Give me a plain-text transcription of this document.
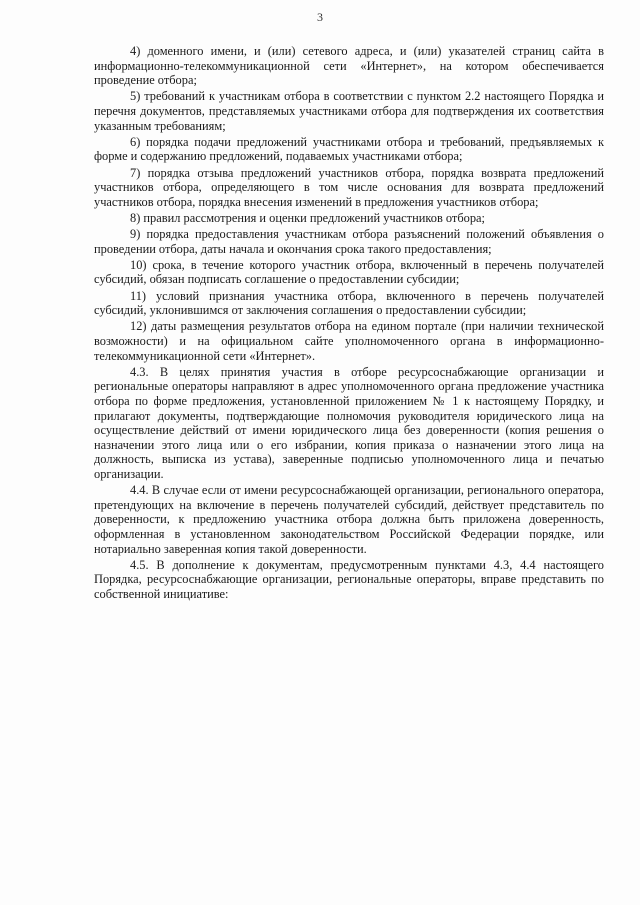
3

4) доменного имени, и (или) сетевого адреса, и (или) указателей страниц сайта в информационно-телекоммуникационной сети «Интернет», на котором обеспечивается проведение отбора;

5) требований к участникам отбора в соответствии с пунктом 2.2 настоящего Порядка и перечня документов, представляемых участниками отбора для подтверждения их соответствия указанным требованиям;

6) порядка подачи предложений участниками отбора и требований, предъявляемых к форме и содержанию предложений, подаваемых участниками отбора;

7) порядка отзыва предложений участников отбора, порядка возврата предложений участников отбора, определяющего в том числе основания для возврата предложений участников отбора, порядка внесения изменений в предложения участников отбора;

8) правил рассмотрения и оценки предложений участников отбора;

9) порядка предоставления участникам отбора разъяснений положений объявления о проведении отбора, даты начала и окончания срока такого предоставления;

10) срока, в течение которого участник отбора, включенный в перечень получателей субсидий, обязан подписать соглашение о предоставлении субсидии;

11) условий признания участника отбора, включенного в перечень получателей субсидий, уклонившимся от заключения соглашения о предоставлении субсидии;

12) даты размещения результатов отбора на едином портале (при наличии технической возможности) и на официальном сайте уполномоченного органа в информационно-телекоммуникационной сети «Интернет».

4.3. В целях принятия участия в отборе ресурсоснабжающие организации и региональные операторы направляют в адрес уполномоченного органа предложение участника отбора по форме предложения, установленной приложением № 1 к настоящему Порядку, и прилагают документы, подтверждающие полномочия руководителя юридического лица на осуществление действий от имени юридического лица без доверенности (копия решения о назначении этого лица или о его избрании, копия приказа о назначении этого лица на должность, выписка из устава), заверенные подписью уполномоченного лица и печатью организации.

4.4. В случае если от имени ресурсоснабжающей организации, регионального оператора, претендующих на включение в перечень получателей субсидий, действует представитель по доверенности, к предложению участника отбора должна быть приложена доверенность, оформленная в установленном законодательством Российской Федерации порядке, или нотариально заверенная копия такой доверенности.

4.5. В дополнение к документам, предусмотренным пунктами 4.3, 4.4 настоящего Порядка, ресурсоснабжающие организации, региональные операторы, вправе представить по собственной инициативе:
